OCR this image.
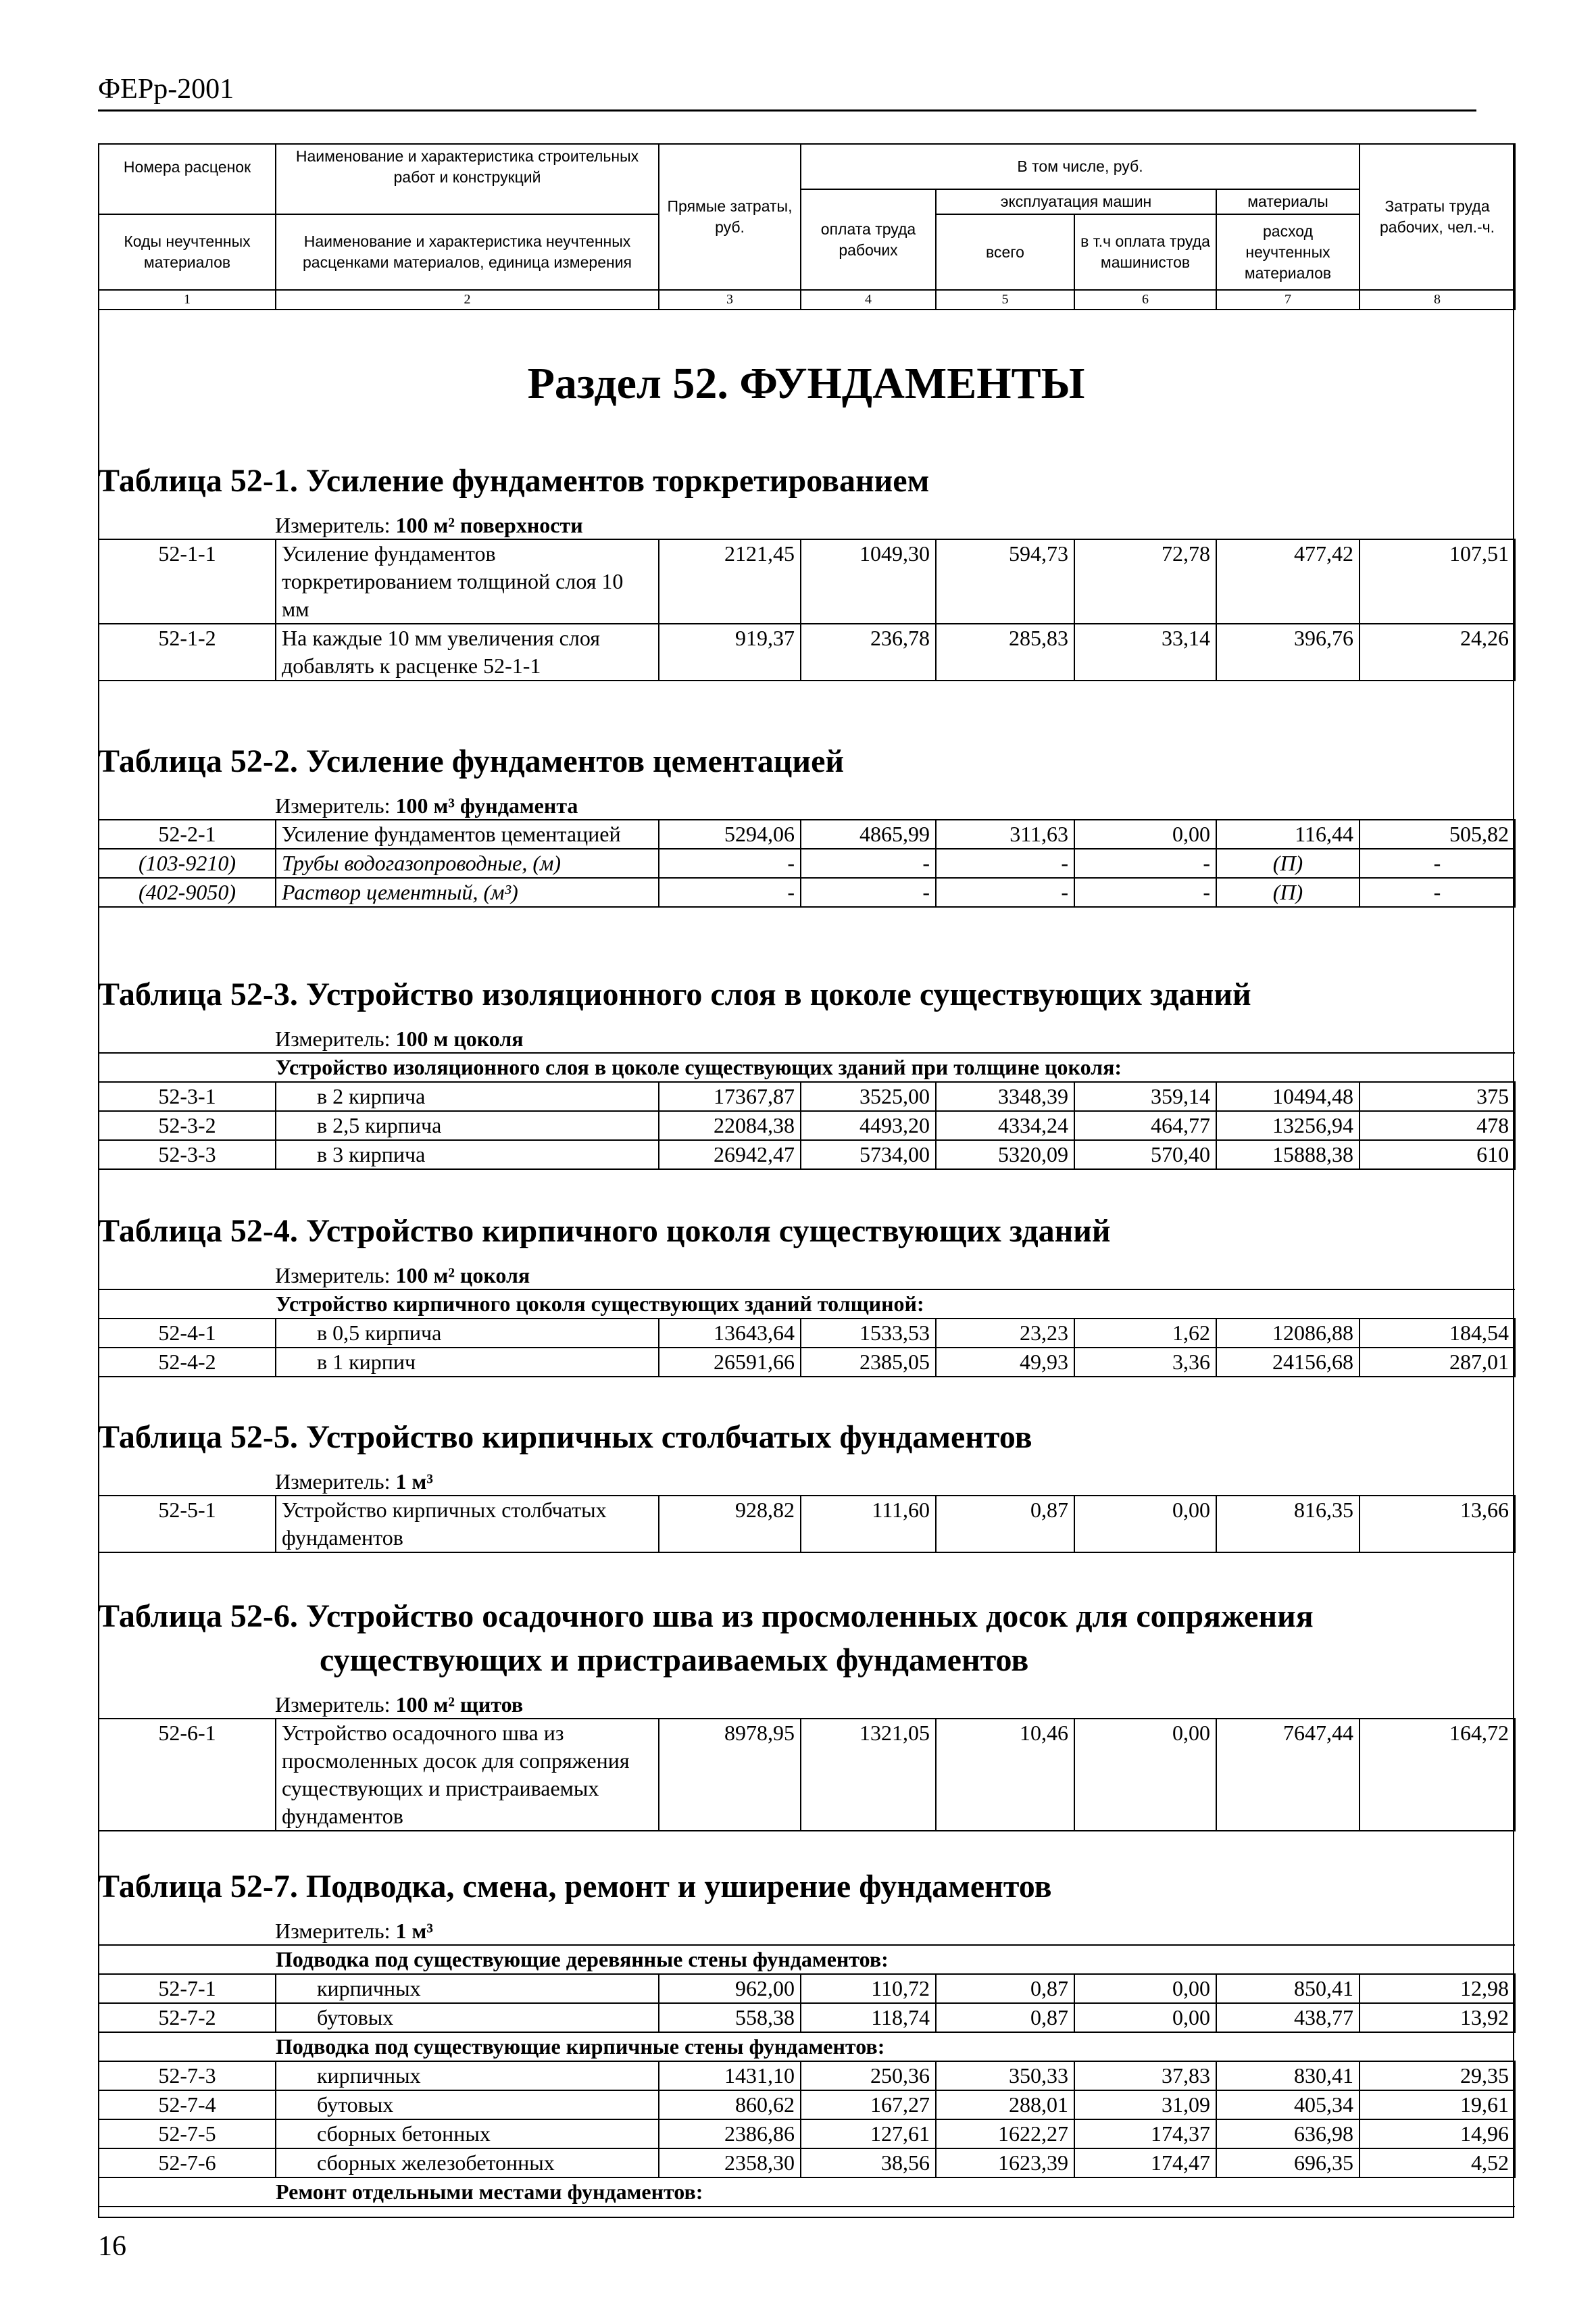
ФЕРр-2001
Номера расценок	Наименование и характеристика строительных работ и конструкций	Прямые затраты, руб.	В том числе, руб.				Затраты труда рабочих, чел.-ч.
			оплата труда рабочих	эксплуатация машин		материалы	
Коды неучтенных материалов	Наименование и характеристика неучтенных расценками материалов, единица измерения			всего	в т.ч оплата труда машинистов	расход неучтенных материалов	

1	2	3	4	5	6	7	8
Раздел 52. ФУНДАМЕНТЫ
Таблица 52-1. Усиление фундаментов торкретированием
Измеритель: 100 м² поверхности
52-1-1	Усиление фундаментов торкретированием толщиной слоя 10 мм	2121,45	1049,30	594,73	72,78	477,42	107,51
52-1-2	На каждые 10 мм увеличения слоя добавлять к расценке 52-1-1	919,37	236,78	285,83	33,14	396,76	24,26
Таблица 52-2. Усиление фундаментов цементацией
Измеритель: 100 м³ фундамента
52-2-1	Усиление фундаментов цементацией	5294,06	4865,99	311,63	0,00	116,44	505,82
(103-9210)	Трубы водогазопроводные, (м)	-	-	-	-	(П)	-
(402-9050)	Раствор цементный, (м³)	-	-	-	-	(П)	-
Таблица 52-3. Устройство изоляционного слоя в цоколе существующих зданий
Измеритель: 100 м цоколя
Устройство изоляционного слоя в цоколе существующих зданий при толщине цоколя:							
52-3-1	в 2 кирпича	17367,87	3525,00	3348,39	359,14	10494,48	375
52-3-2	в 2,5 кирпича	22084,38	4493,20	4334,24	464,77	13256,94	478
52-3-3	в 3 кирпича	26942,47	5734,00	5320,09	570,40	15888,38	610
Таблица 52-4. Устройство кирпичного цоколя существующих зданий
Измеритель: 100 м² цоколя
Устройство кирпичного цоколя существующих зданий толщиной:							
52-4-1	в 0,5 кирпича	13643,64	1533,53	23,23	1,62	12086,88	184,54
52-4-2	в 1 кирпич	26591,66	2385,05	49,93	3,36	24156,68	287,01
Таблица 52-5. Устройство кирпичных столбчатых фундаментов
Измеритель: 1 м³
52-5-1	Устройство кирпичных столбчатых фундаментов	928,82	111,60	0,87	0,00	816,35	13,66
Таблица 52-6. Устройство осадочного шва из просмоленных досок для сопряжения
существующих и пристраиваемых фундаментов
Измеритель: 100 м² щитов
52-6-1	Устройство осадочного шва из просмоленных досок для сопряжения существующих и пристраиваемых фундаментов	8978,95	1321,05	10,46	0,00	7647,44	164,72
Таблица 52-7. Подводка, смена, ремонт и уширение фундаментов
Измеритель: 1 м³
Подводка под существующие деревянные стены фундаментов:							
52-7-1	кирпичных	962,00	110,72	0,87	0,00	850,41	12,98
52-7-2	бутовых	558,38	118,74	0,87	0,00	438,77	13,92
Подводка под существующие кирпичные стены фундаментов:							
52-7-3	кирпичных	1431,10	250,36	350,33	37,83	830,41	29,35
52-7-4	бутовых	860,62	167,27	288,01	31,09	405,34	19,61
52-7-5	сборных бетонных	2386,86	127,61	1622,27	174,37	636,98	14,96
52-7-6	сборных железобетонных	2358,30	38,56	1623,39	174,47	696,35	4,52
Ремонт отдельными местами фундаментов:							
16
